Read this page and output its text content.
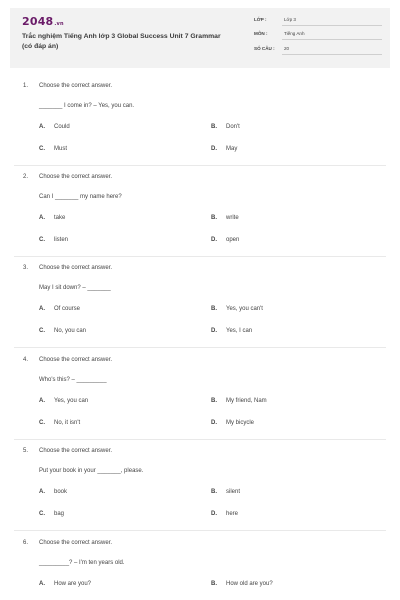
2048.vn
Trắc nghiệm Tiếng Anh lớp 3 Global Success Unit 7 Grammar (có đáp án)
LỚP :	Lớp 3
MÔN :	Tiếng Anh
SỐ CÂU : 20
1. Choose the correct answer.
_______ I come in? – Yes, you can.
A. Could	B. Don't
C. Must	D. May
2. Choose the correct answer.
Can I _______ my name here?
A. take	B. write
C. listen	D. open
3. Choose the correct answer.
May I sit down? – _______
A. Of course	B. Yes, you can't
C. No, you can	D. Yes, I can
4. Choose the correct answer.
Who's this? – _________
A. Yes, you can	B. My friend, Nam
C. No, it isn't	D. My bicycle
5. Choose the correct answer.
Put your book in your _______, please.
A. book	B. silent
C. bag	D. here
6. Choose the correct answer.
_________? – I'm ten years old.
A. How are you?	B. How old are you?
